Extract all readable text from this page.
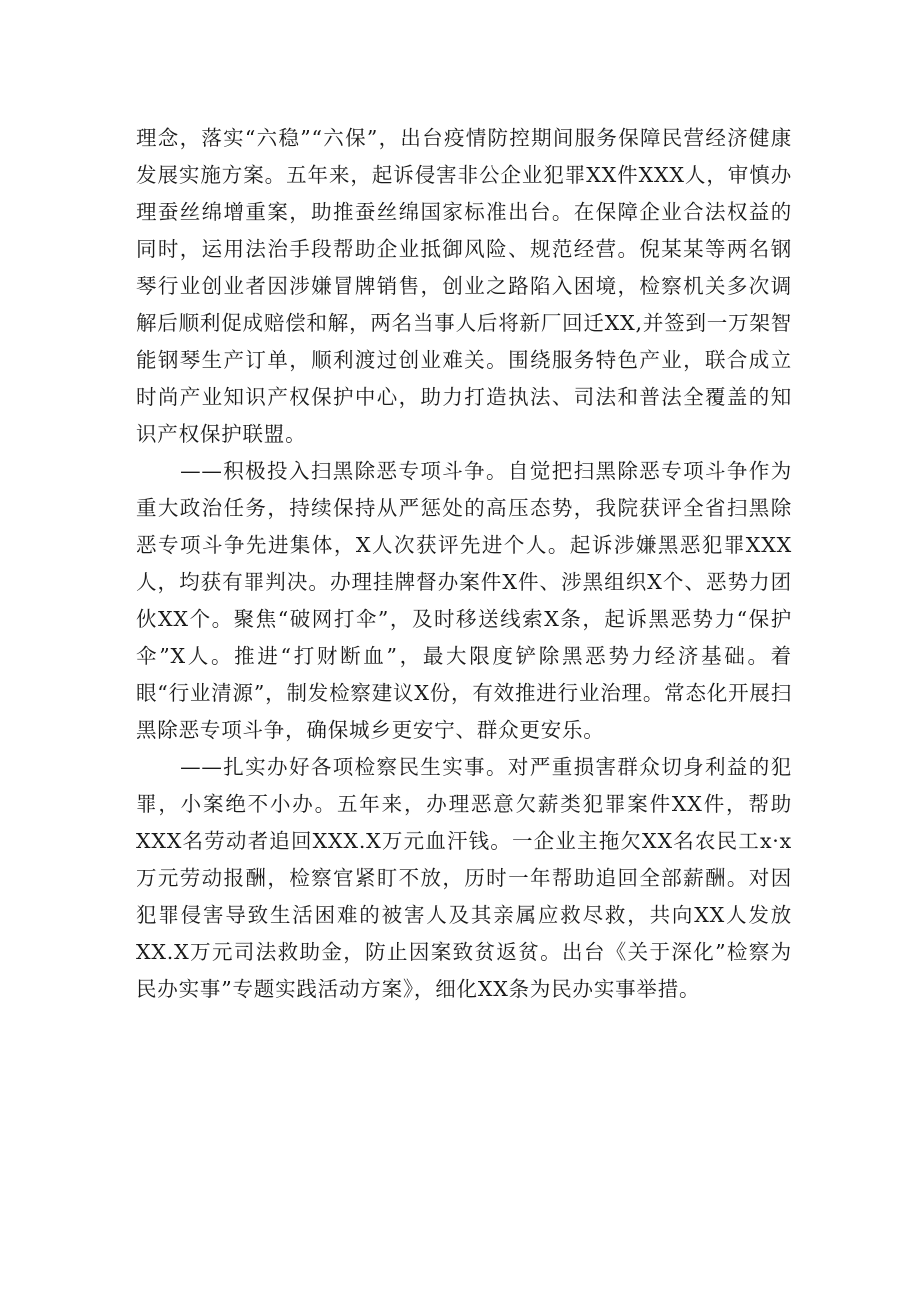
理念，落实“六稳”“六保”，出台疫情防控期间服务保障民营经济健康发展实施方案。五年来，起诉侵害非公企业犯罪XX件XXX人，审慎办理蚕丝绵增重案，助推蚕丝绵国家标准出台。在保障企业合法权益的同时，运用法治手段帮助企业抵御风险、规范经营。倪某某等两名钢琴行业创业者因涉嫌冒牌销售，创业之路陷入困境，检察机关多次调解后顺利促成赔偿和解，两名当事人后将新厂回迁XX,并签到一万架智能钢琴生产订单，顺利渡过创业难关。围绕服务特色产业，联合成立时尚产业知识产权保护中心，助力打造执法、司法和普法全覆盖的知识产权保护联盟。

——积极投入扫黑除恶专项斗争。自觉把扫黑除恶专项斗争作为重大政治任务，持续保持从严惩处的高压态势，我院获评全省扫黑除恶专项斗争先进集体，X人次获评先进个人。起诉涉嫌黑恶犯罪XXX人，均获有罪判决。办理挂牌督办案件X件、涉黑组织X个、恶势力团伙XX个。聚焦“破网打伞”，及时移送线索X条，起诉黑恶势力“保护伞”X人。推进“打财断血”，最大限度铲除黑恶势力经济基础。着眼“行业清源”，制发检察建议X份，有效推进行业治理。常态化开展扫黑除恶专项斗争，确保城乡更安宁、群众更安乐。

——扎实办好各项检察民生实事。对严重损害群众切身利益的犯罪，小案绝不小办。五年来，办理恶意欠薪类犯罪案件XX件，帮助XXX名劳动者追回XXX.X万元血汗钱。一企业主拖欠XX名农民工x·x万元劳动报酬，检察官紧盯不放，历时一年帮助追回全部薪酬。对因犯罪侵害导致生活困难的被害人及其亲属应救尽救，共向XX人发放XX.X万元司法救助金，防止因案致贫返贫。出台《关于深化”检察为民办实事”专题实践活动方案》，细化XX条为民办实事举措。
